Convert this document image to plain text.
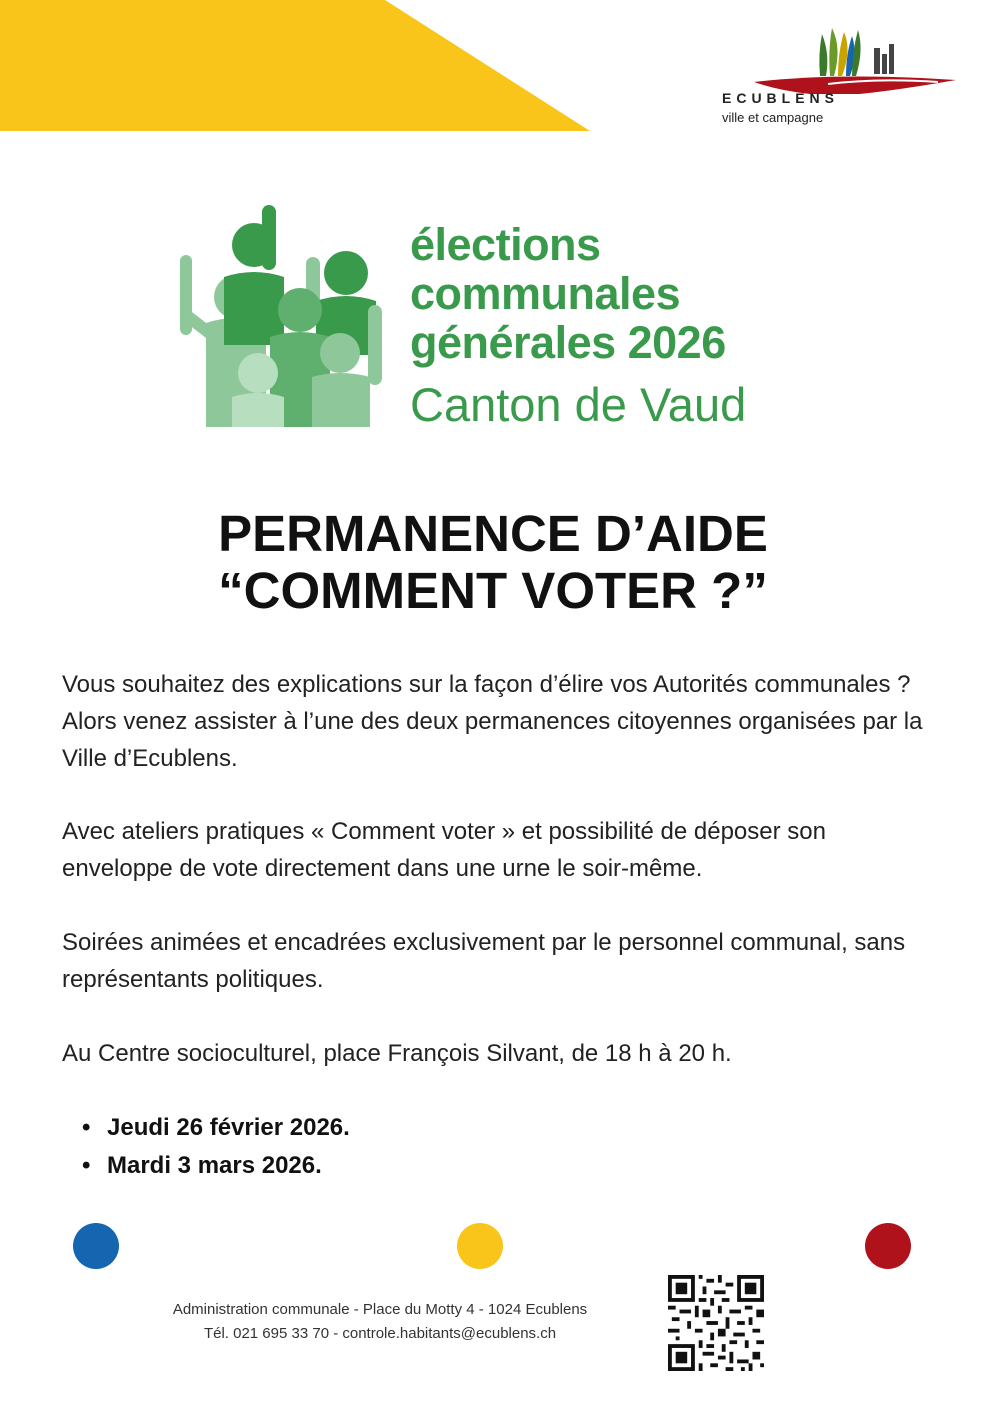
ECUBLENS
ville et campagne
élections
communales
générales 2026
Canton de Vaud
PERMANENCE D’AIDE
“COMMENT VOTER ?”
Vous souhaitez des explications sur la façon d’élire vos Autorités communales ? Alors venez assister à l’une des deux permanences citoyennes organisées par la Ville d’Ecublens.
Avec ateliers pratiques « Comment voter » et possibilité de déposer son enveloppe de vote directement dans une urne le soir-même.
Soirées animées et encadrées exclusivement par le personnel communal, sans représentants politiques.
Au Centre socioculturel, place François Silvant, de 18 h à 20 h.
• Jeudi 26 février 2026.
• Mardi 3 mars 2026.
Administration communale - Place du Motty 4 - 1024 Ecublens
Tél. 021 695 33 70 - controle.habitants@ecublens.ch
